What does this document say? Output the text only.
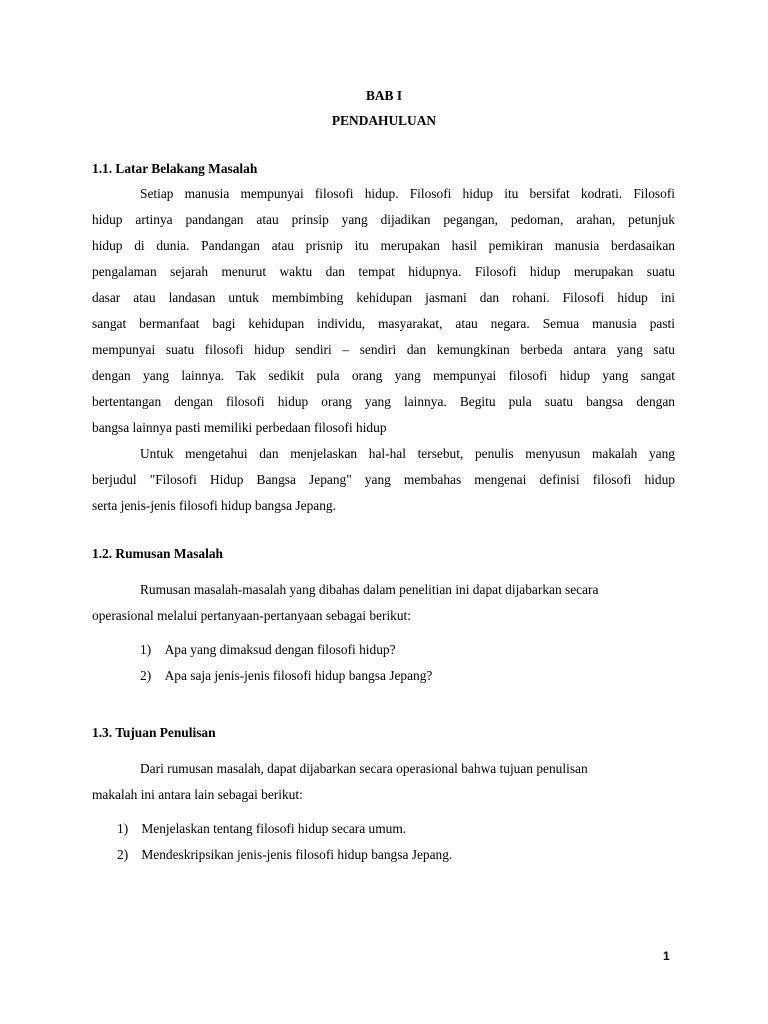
BAB I
PENDAHULUAN
1.1. Latar Belakang Masalah
Setiap manusia mempunyai filosofi hidup. Filosofi hidup itu bersifat kodrati. Filosofi
hidup artinya pandangan atau prinsip yang dijadikan pegangan, pedoman, arahan, petunjuk
hidup di dunia. Pandangan atau prisnip itu merupakan hasil pemikiran manusia berdasaikan
pengalaman sejarah menurut waktu dan tempat hidupnya. Filosofi hidup merupakan suatu
dasar atau landasan untuk membimbing kehidupan jasmani dan rohani. Filosofi hidup ini
sangat bermanfaat bagi kehidupan individu, masyarakat, atau negara. Semua manusia pasti
mempunyai suatu filosofi hidup sendiri – sendiri dan kemungkinan berbeda antara yang satu
dengan yang lainnya. Tak sedikit pula orang yang mempunyai filosofi hidup yang sangat
bertentangan dengan filosofi hidup orang yang lainnya. Begitu pula suatu bangsa dengan
bangsa lainnya pasti memiliki perbedaan filosofi hidup
Untuk mengetahui dan menjelaskan hal-hal tersebut, penulis menyusun makalah yang
berjudul "Filosofi Hidup Bangsa Jepang" yang membahas mengenai definisi filosofi hidup
serta jenis-jenis filosofi hidup bangsa Jepang.
1.2. Rumusan Masalah
Rumusan masalah-masalah yang dibahas dalam penelitian ini dapat dijabarkan secara
operasional melalui pertanyaan-pertanyaan sebagai berikut:
1) Apa yang dimaksud dengan filosofi hidup?
2) Apa saja jenis-jenis filosofi hidup bangsa Jepang?
1.3. Tujuan Penulisan
Dari rumusan masalah, dapat dijabarkan secara operasional bahwa tujuan penulisan
makalah ini antara lain sebagai berikut:
1) Menjelaskan tentang filosofi hidup secara umum.
2) Mendeskripsikan jenis-jenis filosofi hidup bangsa Jepang.
1
